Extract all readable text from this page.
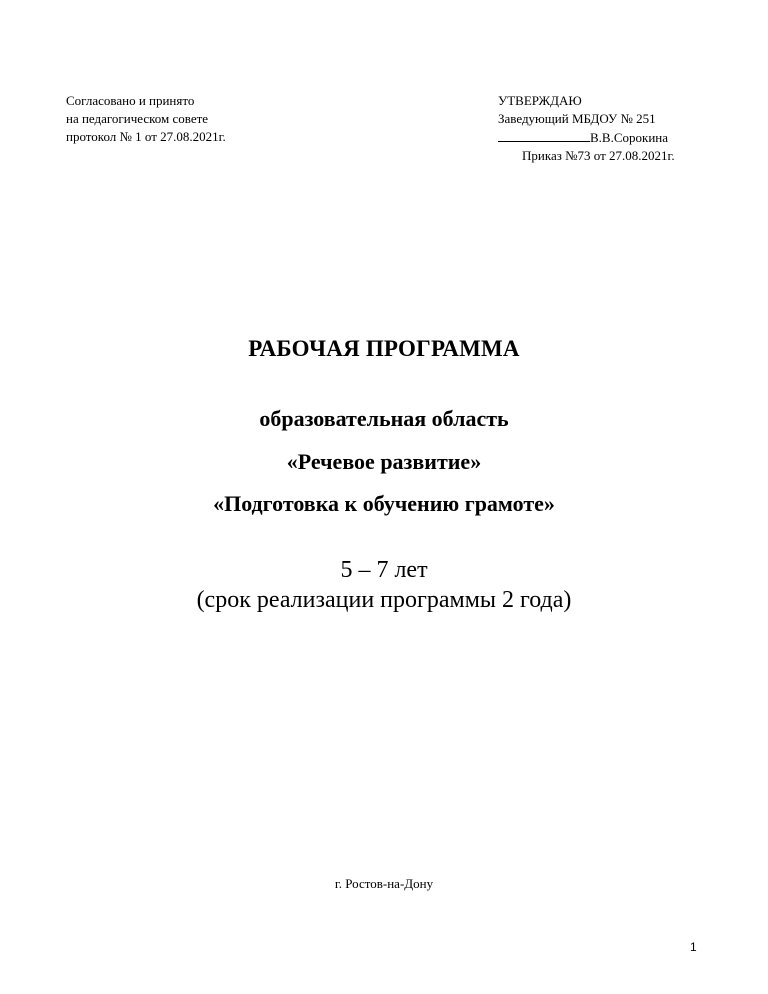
Согласовано и принято
на педагогическом совете
протокол № 1 от 27.08.2021г.
УТВЕРЖДАЮ
Заведующий МБДОУ № 251
В.В.Сорокина
Приказ №73 от 27.08.2021г.
РАБОЧАЯ ПРОГРАММА
образовательная область
«Речевое развитие»
«Подготовка к обучению грамоте»
5 – 7 лет
(срок реализации программы 2 года)
г. Ростов-на-Дону
1
